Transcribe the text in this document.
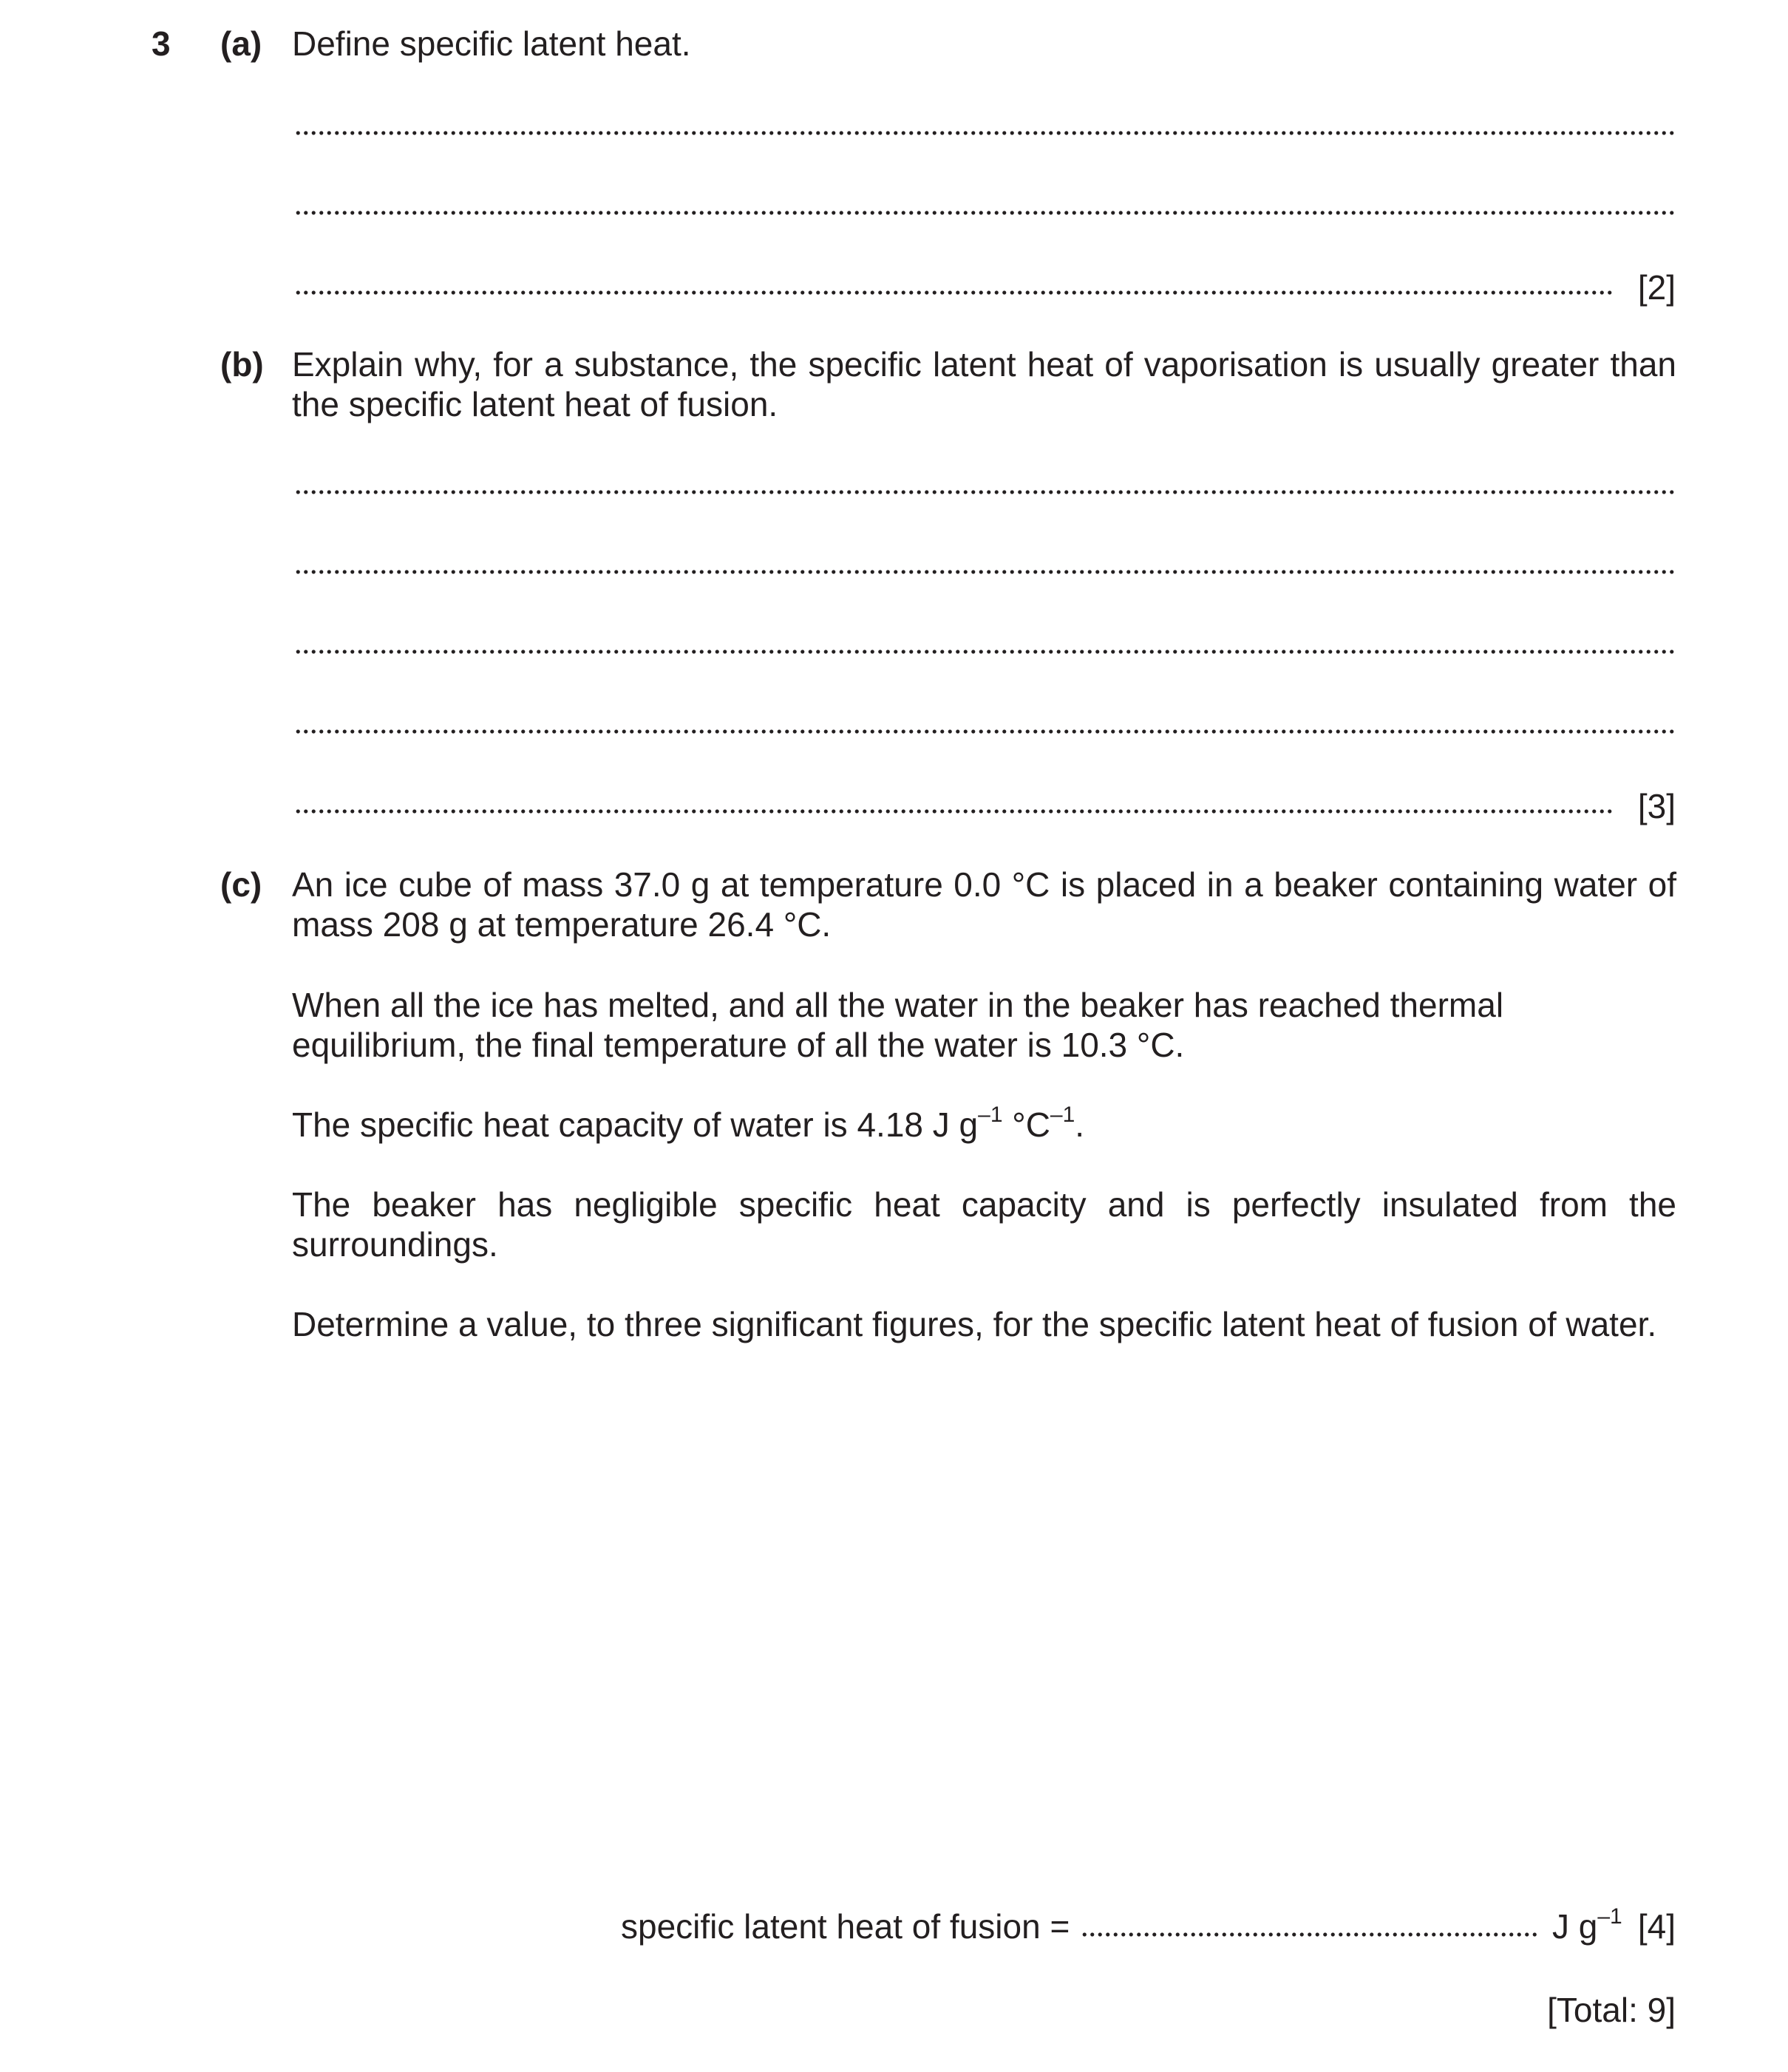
3 (a) Define specific latent heat.
[2]
(b) Explain why, for a substance, the specific latent heat of vaporisation is usually greater than the specific latent heat of fusion.
[3]
(c) An ice cube of mass 37.0 g at temperature 0.0 °C is placed in a beaker containing water of mass 208 g at temperature 26.4 °C.
When all the ice has melted, and all the water in the beaker has reached thermal equilibrium, the final temperature of all the water is 10.3 °C.
The specific heat capacity of water is 4.18 J $g^{-1}$ $^\circ C^{-1}$.
The beaker has negligible specific heat capacity and is perfectly insulated from the surroundings.
Determine a value, to three significant figures, for the specific latent heat of fusion of water.
specific latent heat of fusion =	J $g^{-1}$ [4]
[Total: 9]
